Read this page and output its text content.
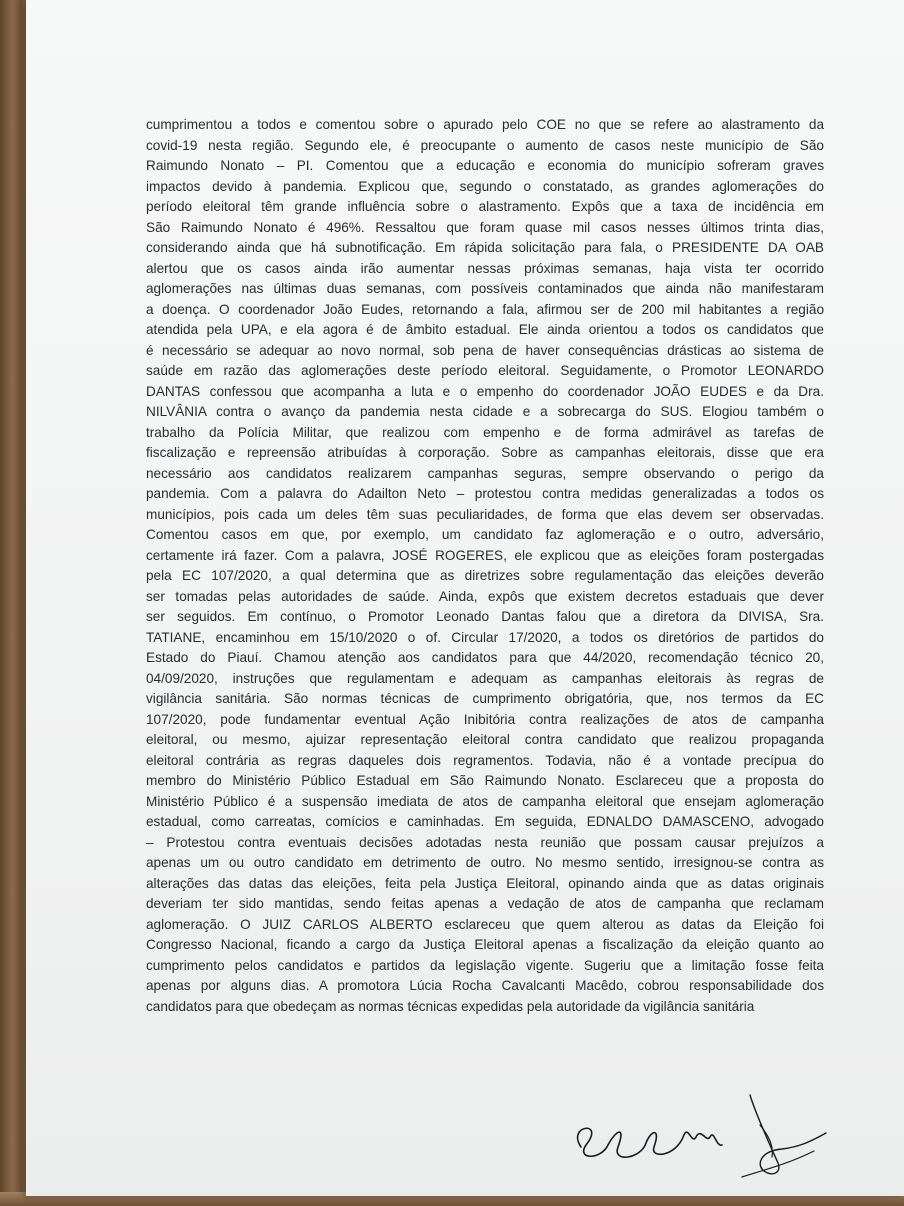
cumprimentou a todos e comentou sobre o apurado pelo COE no que se refere ao alastramento da
covid-19 nesta região. Segundo ele, é preocupante o aumento de casos neste município de São
Raimundo Nonato – PI. Comentou que a educação e economia do município sofreram graves
impactos devido à pandemia. Explicou que, segundo o constatado, as grandes aglomerações do
período eleitoral têm grande influência sobre o alastramento. Expôs que a taxa de incidência em
São Raimundo Nonato é 496%. Ressaltou que foram quase mil casos nesses últimos trinta dias,
considerando ainda que há subnotificação. Em rápida solicitação para fala, o PRESIDENTE DA OAB
alertou que os casos ainda irão aumentar nessas próximas semanas, haja vista ter ocorrido
aglomerações nas últimas duas semanas, com possíveis contaminados que ainda não manifestaram
a doença. O coordenador João Eudes, retornando a fala, afirmou ser de 200 mil habitantes a região
atendida pela UPA, e ela agora é de âmbito estadual. Ele ainda orientou a todos os candidatos que
é necessário se adequar ao novo normal, sob pena de haver consequências drásticas ao sistema de
saúde em razão das aglomerações deste período eleitoral. Seguidamente, o Promotor LEONARDO
DANTAS confessou que acompanha a luta e o empenho do coordenador JOÃO EUDES e da Dra.
NILVÂNIA contra o avanço da pandemia nesta cidade e a sobrecarga do SUS. Elogiou também o
trabalho da Polícia Militar, que realizou com empenho e de forma admirável as tarefas de
fiscalização e repreensão atribuídas à corporação. Sobre as campanhas eleitorais, disse que era
necessário aos candidatos realizarem campanhas seguras, sempre observando o perigo da
pandemia. Com a palavra do Adailton Neto – protestou contra medidas generalizadas a todos os
municípios, pois cada um deles têm suas peculiaridades, de forma que elas devem ser observadas.
Comentou casos em que, por exemplo, um candidato faz aglomeração e o outro, adversário,
certamente irá fazer. Com a palavra, JOSÉ ROGERES, ele explicou que as eleições foram postergadas
pela EC 107/2020, a qual determina que as diretrizes sobre regulamentação das eleições deverão
ser tomadas pelas autoridades de saúde. Ainda, expôs que existem decretos estaduais que dever
ser seguidos. Em contínuo, o Promotor Leonado Dantas falou que a diretora da DIVISA, Sra.
TATIANE, encaminhou em 15/10/2020 o of. Circular 17/2020, a todos os diretórios de partidos do
Estado do Piauí. Chamou atenção aos candidatos para que 44/2020, recomendação técnico 20,
04/09/2020, instruções que regulamentam e adequam as campanhas eleitorais às regras de
vigilância sanitária. São normas técnicas de cumprimento obrigatória, que, nos termos da EC
107/2020, pode fundamentar eventual Ação Inibitória contra realizações de atos de campanha
eleitoral, ou mesmo, ajuizar representação eleitoral contra candidato que realizou propaganda
eleitoral contrária as regras daqueles dois regramentos. Todavia, não é a vontade precípua do
membro do Ministério Público Estadual em São Raimundo Nonato. Esclareceu que a proposta do
Ministério Público é a suspensão imediata de atos de campanha eleitoral que ensejam aglomeração
estadual, como carreatas, comícios e caminhadas. Em seguida, EDNALDO DAMASCENO, advogado
– Protestou contra eventuais decisões adotadas nesta reunião que possam causar prejuízos a
apenas um ou outro candidato em detrimento de outro. No mesmo sentido, irresignou-se contra as
alterações das datas das eleições, feita pela Justiça Eleitoral, opinando ainda que as datas originais
deveriam ter sido mantidas, sendo feitas apenas a vedação de atos de campanha que reclamam
aglomeração. O JUIZ CARLOS ALBERTO esclareceu que quem alterou as datas da Eleição foi
Congresso Nacional, ficando a cargo da Justiça Eleitoral apenas a fiscalização da eleição quanto ao
cumprimento pelos candidatos e partidos da legislação vigente. Sugeriu que a limitação fosse feita
apenas por alguns dias. A promotora Lúcia Rocha Cavalcanti Macêdo, cobrou responsabilidade dos
candidatos para que obedeçam as normas técnicas expedidas pela autoridade da vigilância sanitária
